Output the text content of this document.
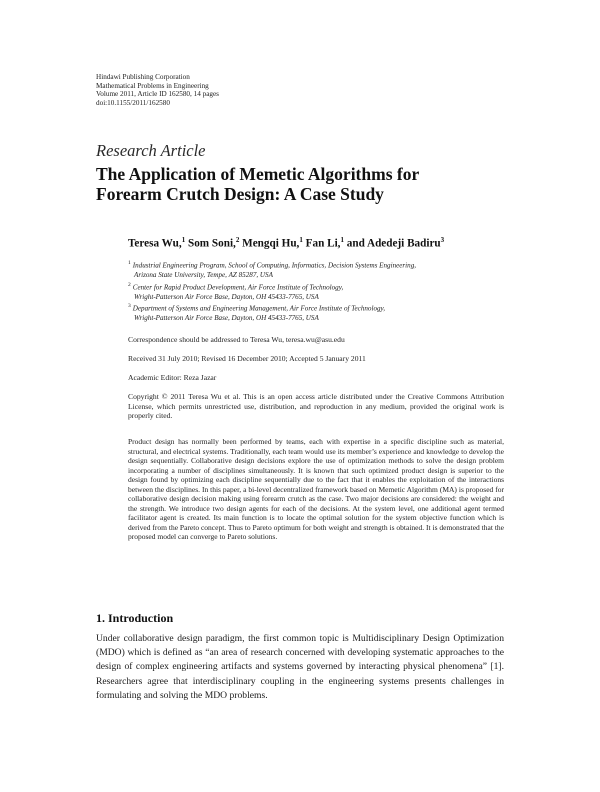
Hindawi Publishing Corporation
Mathematical Problems in Engineering
Volume 2011, Article ID 162580, 14 pages
doi:10.1155/2011/162580
Research Article
The Application of Memetic Algorithms for
Forearm Crutch Design: A Case Study
Teresa Wu,$^1$ Som Soni,$^2$ Mengqi Hu,$^1$ Fan Li,$^1$ and Adedeji Badiru$^3$
$^1$ Industrial Engineering Program, School of Computing, Informatics, Decision Systems Engineering,
Arizona State University, Tempe, AZ 85287, USA
$^2$ Center for Rapid Product Development, Air Force Institute of Technology,
Wright-Patterson Air Force Base, Dayton, OH 45433-7765, USA
$^3$ Department of Systems and Engineering Management, Air Force Institute of Technology,
Wright-Patterson Air Force Base, Dayton, OH 45433-7765, USA
Correspondence should be addressed to Teresa Wu, teresa.wu@asu.edu
Received 31 July 2010; Revised 16 December 2010; Accepted 5 January 2011
Academic Editor: Reza Jazar
Copyright © 2011 Teresa Wu et al. This is an open access article distributed under the Creative Commons Attribution License, which permits unrestricted use, distribution, and reproduction in any medium, provided the original work is properly cited.
Product design has normally been performed by teams, each with expertise in a specific discipline such as material, structural, and electrical systems. Traditionally, each team would use its member’s experience and knowledge to develop the design sequentially. Collaborative design decisions explore the use of optimization methods to solve the design problem incorporating a number of disciplines simultaneously. It is known that such optimized product design is superior to the design found by optimizing each discipline sequentially due to the fact that it enables the exploitation of the interactions between the disciplines. In this paper, a bi-level decentralized framework based on Memetic Algorithm (MA) is proposed for collaborative design decision making using forearm crutch as the case. Two major decisions are considered: the weight and the strength. We introduce two design agents for each of the decisions. At the system level, one additional agent termed facilitator agent is created. Its main function is to locate the optimal solution for the system objective function which is derived from the Pareto concept. Thus to Pareto optimum for both weight and strength is obtained. It is demonstrated that the proposed model can converge to Pareto solutions.
1. Introduction
Under collaborative design paradigm, the first common topic is Multidisciplinary Design Optimization (MDO) which is defined as “an area of research concerned with developing systematic approaches to the design of complex engineering artifacts and systems governed by interacting physical phenomena” [1]. Researchers agree that interdisciplinary coupling in the engineering systems presents challenges in formulating and solving the MDO problems.
